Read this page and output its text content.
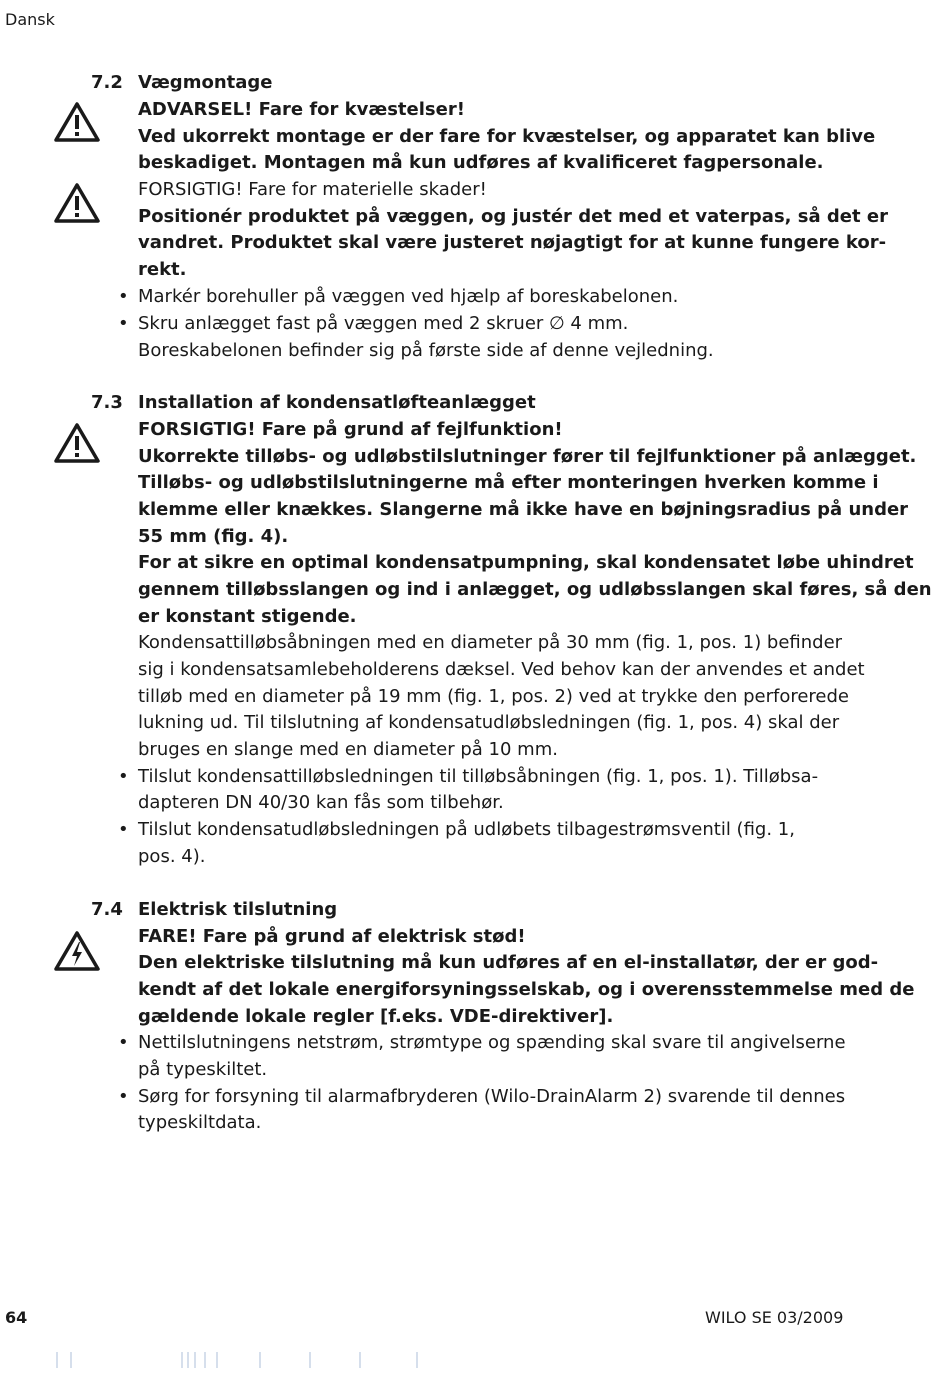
Dansk
7.2 Vægmontage
ADVARSEL! Fare for kvæstelser!
Ved ukorrekt montage er der fare for kvæstelser, og apparatet kan blive
beskadiget. Montagen må kun udføres af kvalificeret fagpersonale.
FORSIGTIG! Fare for materielle skader!
Positionér produktet på væggen, og justér det med et vaterpas, så det er
vandret. Produktet skal være justeret nøjagtigt for at kunne fungere kor-
rekt.
• Markér borehuller på væggen ved hjælp af boreskabelonen.
• Skru anlægget fast på væggen med 2 skruer ∅ 4 mm.
Boreskabelonen befinder sig på første side af denne vejledning.
7.3 Installation af kondensatløfteanlægget
FORSIGTIG! Fare på grund af fejlfunktion!
Ukorrekte tilløbs- og udløbstilslutninger fører til fejlfunktioner på anlægget.
Tilløbs- og udløbstilslutningerne må efter monteringen hverken komme i
klemme eller knækkes. Slangerne må ikke have en bøjningsradius på under
55 mm (fig. 4).
For at sikre en optimal kondensatpumpning, skal kondensatet løbe uhindret
gennem tilløbsslangen og ind i anlægget, og udløbsslangen skal føres, så den
er konstant stigende.
Kondensattilløbsåbningen med en diameter på 30 mm (fig. 1, pos. 1) befinder
sig i kondensatsamlebeholderens dæksel. Ved behov kan der anvendes et andet
tilløb med en diameter på 19 mm (fig. 1, pos. 2) ved at trykke den perforerede
lukning ud. Til tilslutning af kondensatudløbsledningen (fig. 1, pos. 4) skal der
bruges en slange med en diameter på 10 mm.
• Tilslut kondensattilløbsledningen til tilløbsåbningen (fig. 1, pos. 1). Tilløbsa-
dapteren DN 40/30 kan fås som tilbehør.
• Tilslut kondensatudløbsledningen på udløbets tilbagestrømsventil (fig. 1,
pos. 4).
7.4 Elektrisk tilslutning
FARE! Fare på grund af elektrisk stød!
Den elektriske tilslutning må kun udføres af en el-installatør, der er god-
kendt af det lokale energiforsyningsselskab, og i overensstemmelse med de
gældende lokale regler [f.eks. VDE-direktiver].
• Nettilslutningens netstrøm, strømtype og spænding skal svare til angivelserne
på typeskiltet.
• Sørg for forsyning til alarmafbryderen (Wilo-DrainAlarm 2) svarende til dennes
typeskiltdata.
64	WILO SE 03/2009
